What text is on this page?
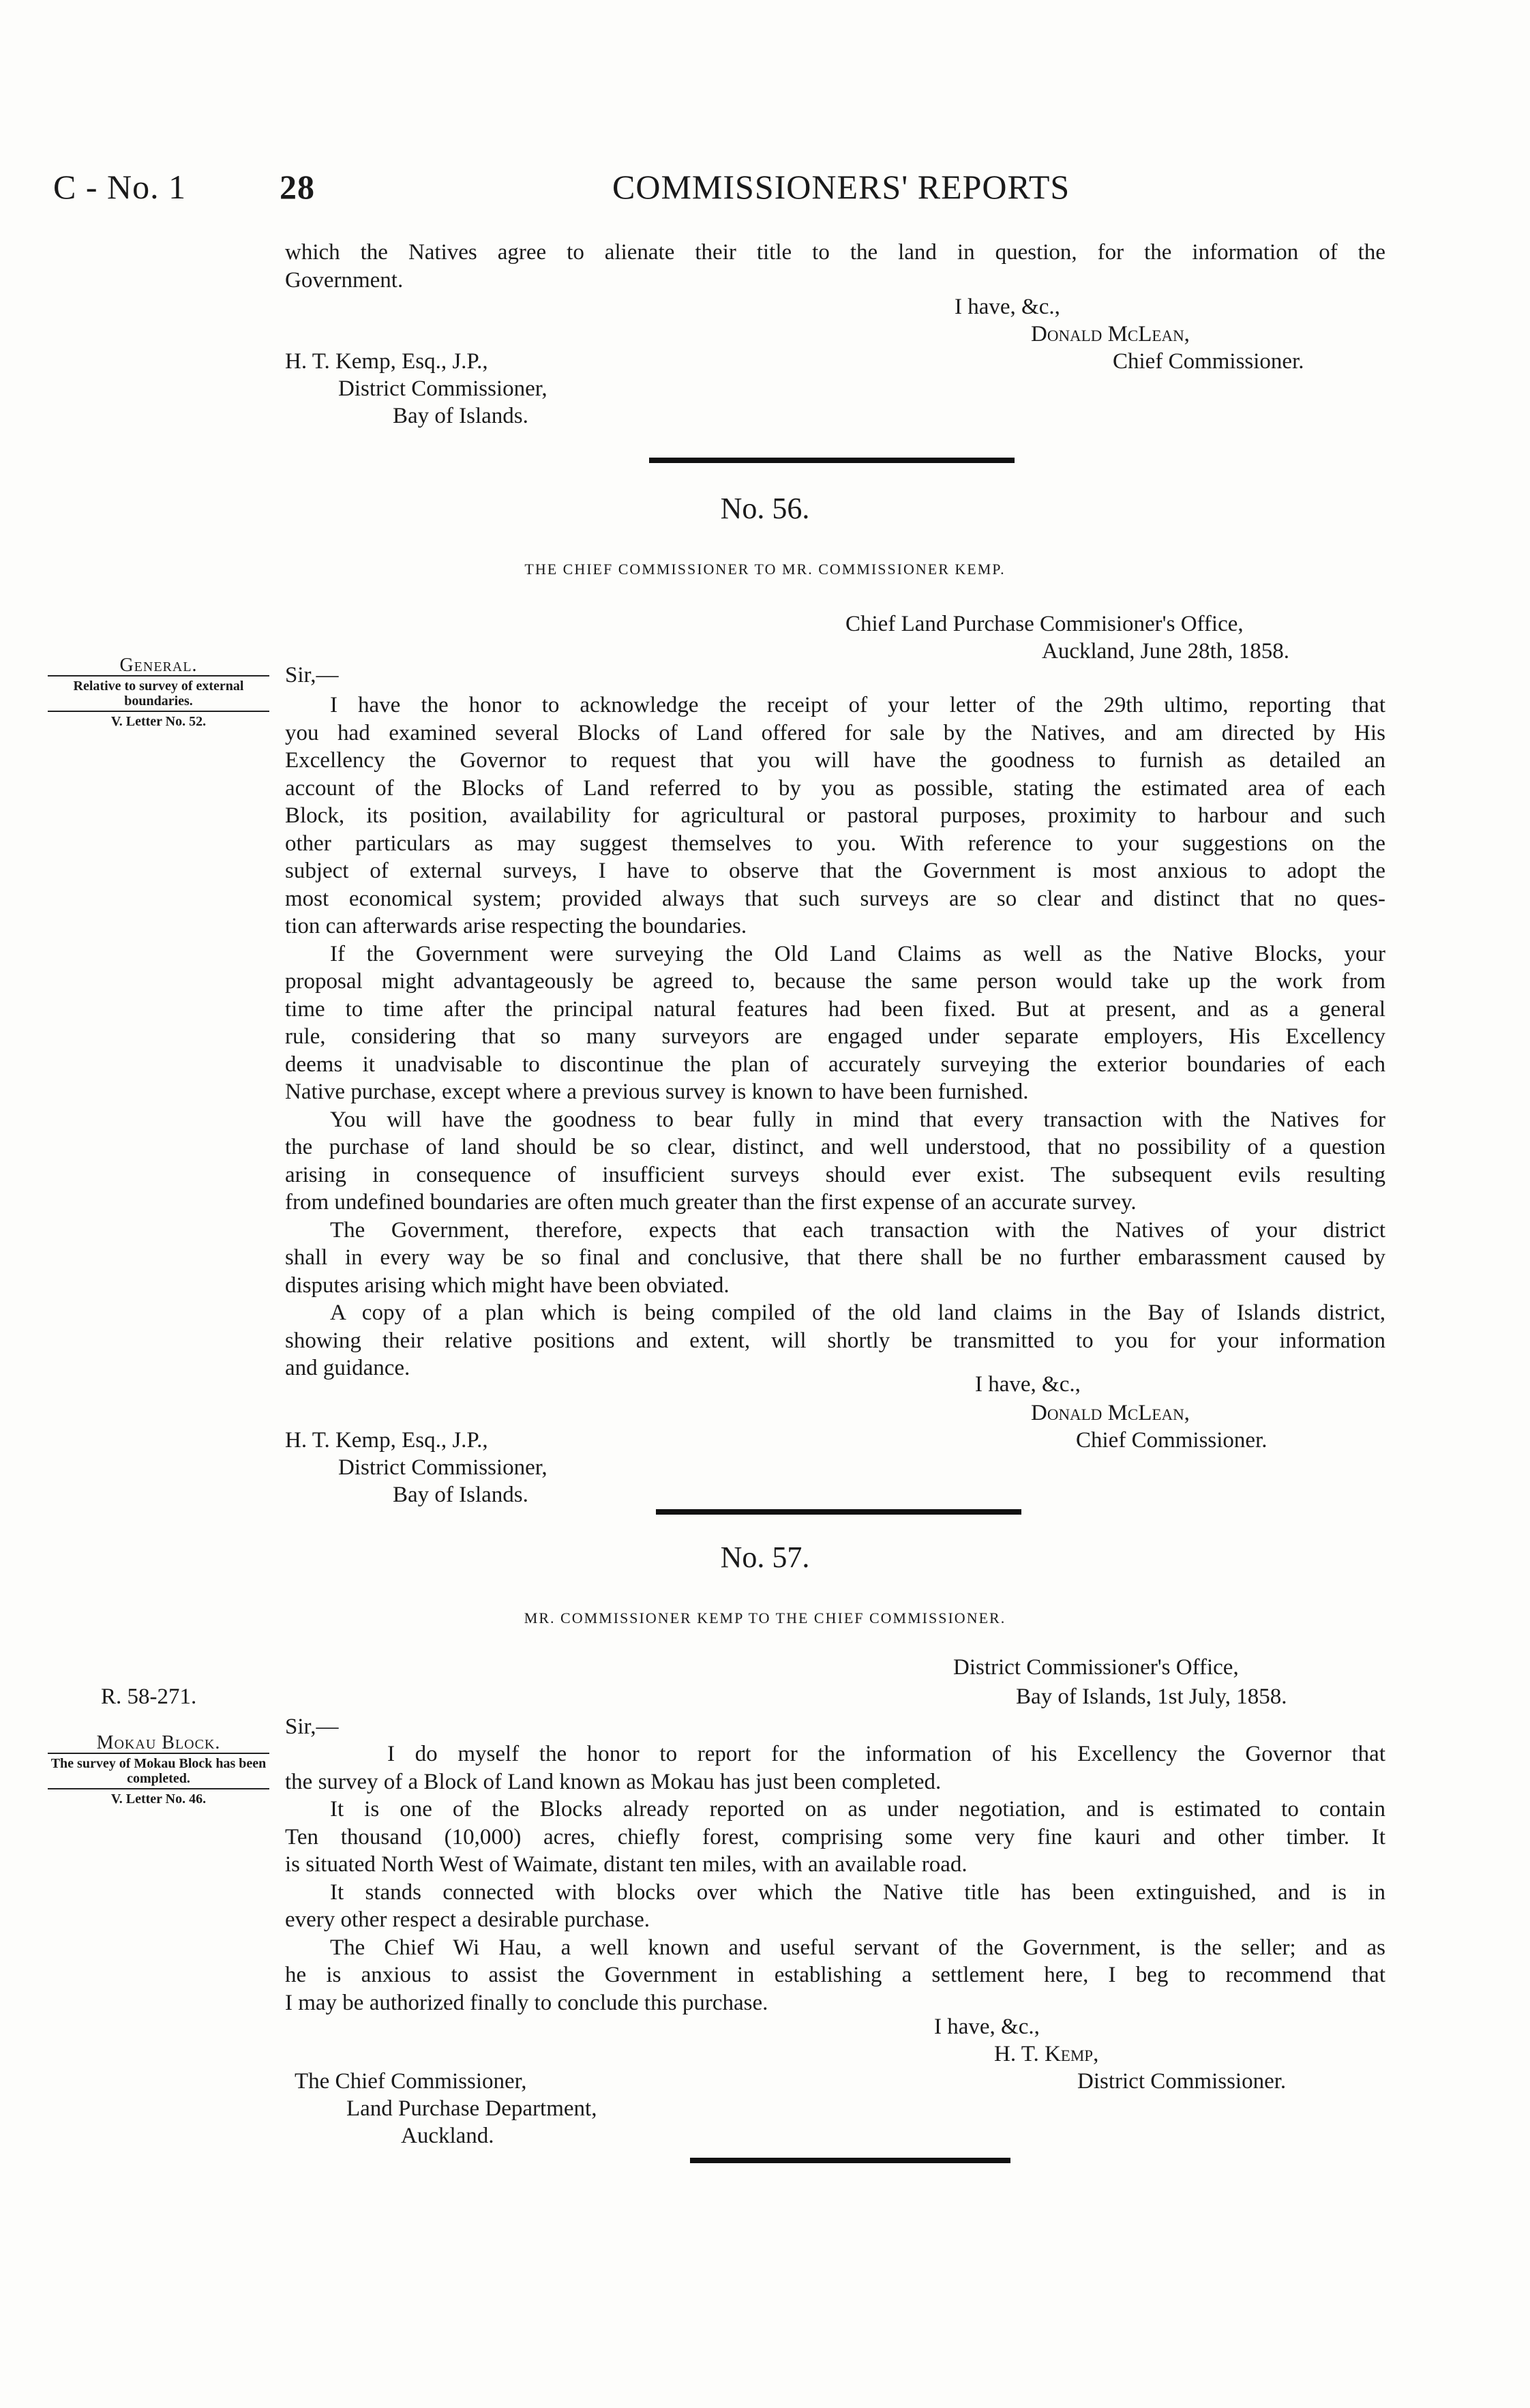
C - No. 1	28	COMMISSIONERS' REPORTS
which the Natives agree to alienate their title to the land in question, for the information of the
Government.
I have, &c.,
Donald McLean,
Chief Commissioner.
H. T. Kemp, Esq., J.P.,
District Commissioner,
Bay of Islands.
No. 56.
THE CHIEF COMMISSIONER TO MR. COMMISSIONER KEMP.
Chief Land Purchase Commisioner's Office,
Auckland, June 28th, 1858.
General.
Relative to survey of external boundaries.
V. Letter No. 52.
Sir,—
I have the honor to acknowledge the receipt of your letter of the 29th ultimo, reporting that
you had examined several Blocks of Land offered for sale by the Natives, and am directed by His
Excellency the Governor to request that you will have the goodness to furnish as detailed an
account of the Blocks of Land referred to by you as possible, stating the estimated area of each
Block, its position, availability for agricultural or pastoral purposes, proximity to harbour and such
other particulars as may suggest themselves to you. With reference to your suggestions on the
subject of external surveys, I have to observe that the Government is most anxious to adopt the
most economical system; provided always that such surveys are so clear and distinct that no ques-
tion can afterwards arise respecting the boundaries.
If the Government were surveying the Old Land Claims as well as the Native Blocks, your
proposal might advantageously be agreed to, because the same person would take up the work from
time to time after the principal natural features had been fixed. But at present, and as a general
rule, considering that so many surveyors are engaged under separate employers, His Excellency
deems it unadvisable to discontinue the plan of accurately surveying the exterior boundaries of each
Native purchase, except where a previous survey is known to have been furnished.
You will have the goodness to bear fully in mind that every transaction with the Natives for
the purchase of land should be so clear, distinct, and well understood, that no possibility of a question
arising in consequence of insufficient surveys should ever exist. The subsequent evils resulting
from undefined boundaries are often much greater than the first expense of an accurate survey.
The Government, therefore, expects that each transaction with the Natives of your district
shall in every way be so final and conclusive, that there shall be no further embarassment caused by
disputes arising which might have been obviated.
A copy of a plan which is being compiled of the old land claims in the Bay of Islands district,
showing their relative positions and extent, will shortly be transmitted to you for your information
and guidance.
I have, &c.,
Donald McLean,
Chief Commissioner.
H. T. Kemp, Esq., J.P.,
District Commissioner,
Bay of Islands.
No. 57.
MR. COMMISSIONER KEMP TO THE CHIEF COMMISSIONER.
District Commissioner's Office,
Bay of Islands, 1st July, 1858.
R. 58-271.
Mokau Block.
The survey of Mokau Block has been completed.
V. Letter No. 46.
Sir,—
I do myself the honor to report for the information of his Excellency the Governor that
the survey of a Block of Land known as Mokau has just been completed.
It is one of the Blocks already reported on as under negotiation, and is estimated to contain
Ten thousand (10,000) acres, chiefly forest, comprising some very fine kauri and other timber. It
is situated North West of Waimate, distant ten miles, with an available road.
It stands connected with blocks over which the Native title has been extinguished, and is in
every other respect a desirable purchase.
The Chief Wi Hau, a well known and useful servant of the Government, is the seller; and as
he is anxious to assist the Government in establishing a settlement here, I beg to recommend that
I may be authorized finally to conclude this purchase.
I have, &c.,
H. T. Kemp,
District Commissioner.
The Chief Commissioner,
Land Purchase Department,
Auckland.
